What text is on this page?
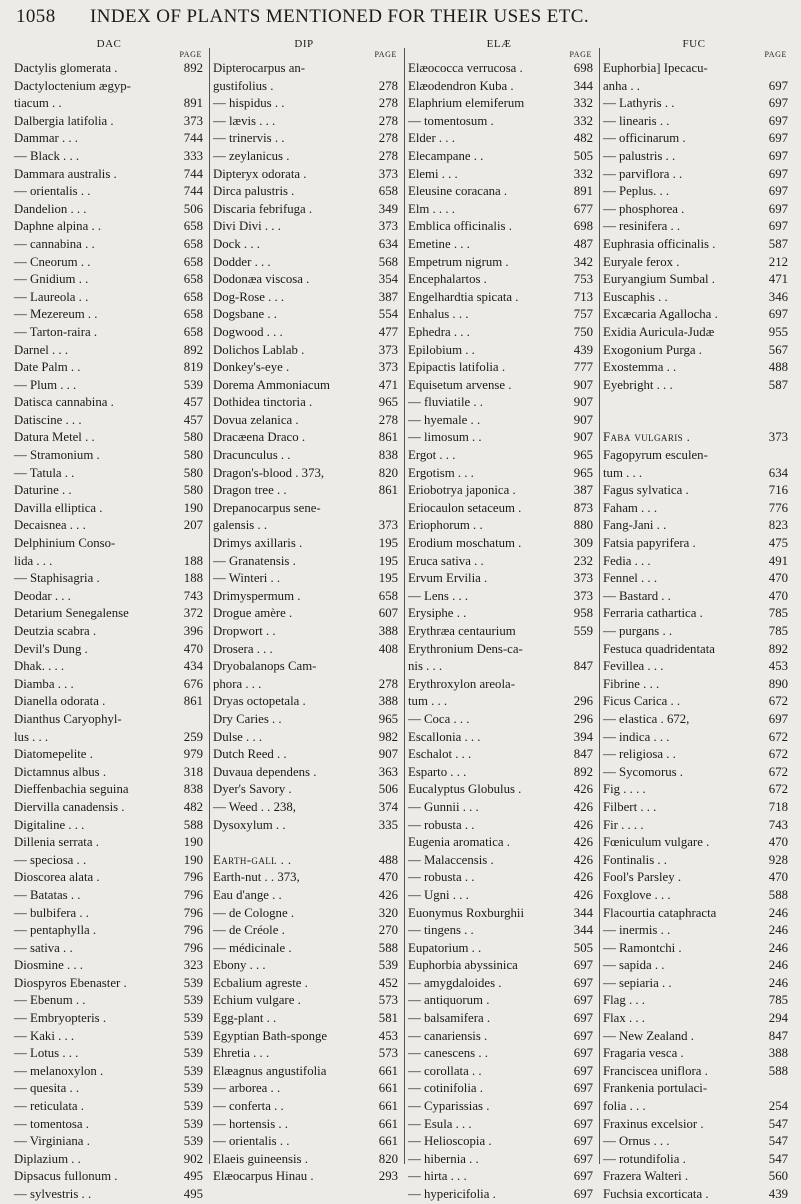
1058 INDEX OF PLANTS MENTIONED FOR THEIR USES ETC.
DAC
PAGE
Dactylis glomerata .	892
Dactyloctenium ægyp-
tiacum . .	891
Dalbergia latifolia .	373
Dammar . . .	744
— Black . . .	333
Dammara australis .	744
— orientalis . .	744
Dandelion . . .	506
Daphne alpina . .	658
— cannabina . .	658
— Cneorum . .	658
— Gnidium . .	658
— Laureola . .	658
— Mezereum . .	658
— Tarton-raira .	658
Darnel . . .	892
Date Palm . .	819
— Plum . . .	539
Datisca cannabina .	457
Datiscine . . .	457
Datura Metel . .	580
— Stramonium .	580
— Tatula . .	580
Daturine . .	580
Davilla elliptica .	190
Decaisnea . . .	207
Delphinium Conso-
lida . . .	188
— Staphisagria .	188
Deodar . . .	743
Detarium Senegalense	372
Deutzia scabra .	396
Devil's Dung .	470
Dhak. . . .	434
Diamba . . .	676
Dianella odorata .	861
Dianthus Caryophyl-
lus . . .	259
Diatomepelite .	979
Dictamnus albus .	318
Dieffenbachia seguina	838
Diervilla canadensis .	482
Digitaline . . .	588
Dillenia serrata .	190
— speciosa . .	190
Dioscorea alata .	796
— Batatas . .	796
— bulbifera . .	796
— pentaphylla .	796
— sativa . .	796
Diosmine . . .	323
Diospyros Ebenaster .	539
— Ebenum . .	539
— Embryopteris .	539
— Kaki . . .	539
— Lotus . . .	539
— melanoxylon .	539
— quesita . .	539
— reticulata .	539
— tomentosa .	539
— Virginiana .	539
Diplazium . .	902
Dipsacus fullonum .	495
— sylvestris . .	495
DIP
PAGE
Dipterocarpus an-
gustifolius .	278
— hispidus . .	278
— lævis . . .	278
— trinervis . .	278
— zeylanicus .	278
Dipteryx odorata .	373
Dirca palustris .	658
Discaria febrifuga .	349
Divi Divi . . .	373
Dock . . .	634
Dodder . . .	568
Dodonæa viscosa .	354
Dog-Rose . . .	387
Dogsbane . .	554
Dogwood . . .	477
Dolichos Lablab .	373
Donkey's-eye .	373
Dorema Ammoniacum	471
Dothidea tinctoria .	965
Dovua zelanica .	278
Dracæena Draco .	861
Dracunculus . .	838
Dragon's-blood . 373,	820
Dragon tree . .	861
Drepanocarpus sene-
galensis . .	373
Drimys axillaris .	195
— Granatensis .	195
— Winteri . .	195
Drimyspermum .	658
Drogue amère .	607
Dropwort . .	388
Drosera . . .	408
Dryobalanops Cam-
phora . . .	278
Dryas octopetala .	388
Dry Caries . .	965
Dulse . . .	982
Dutch Reed . .	907
Duvaua dependens .	363
Dyer's Savory .	506
— Weed . . 238,	374
Dysoxylum . .	335
Earth-gall . .	488
Earth-nut . . 373,	470
Eau d'ange . .	426
— de Cologne .	320
— de Créole .	270
— médicinale .	588
Ebony . . .	539
Ecbalium agreste .	452
Echium vulgare .	573
Egg-plant . .	581
Egyptian Bath-sponge	453
Ehretia . . .	573
Elæagnus angustifolia	661
— arborea . .	661
— conferta . .	661
— hortensis . .	661
— orientalis . .	661
Elaeis guineensis .	820
Elæocarpus Hinau .	293
ELÆ
PAGE
Elæococca verrucosa .	698
Elæodendron Kuba .	344
Elaphrium elemiferum	332
— tomentosum .	332
Elder . . .	482
Elecampane . .	505
Elemi . . .	332
Eleusine coracana .	891
Elm . . . .	677
Emblica officinalis .	698
Emetine . . .	487
Empetrum nigrum .	342
Encephalartos .	753
Engelhardtia spicata .	713
Enhalus . . .	757
Ephedra . . .	750
Epilobium . .	439
Epipactis latifolia .	777
Equisetum arvense .	907
— fluviatile . .	907
— hyemale . .	907
— limosum . .	907
Ergot . . .	965
Ergotism . . .	965
Eriobotrya japonica .	387
Eriocaulon setaceum .	873
Eriophorum . .	880
Erodium moschatum .	309
Eruca sativa . .	232
Ervum Ervilia .	373
— Lens . . .	373
Erysiphe . .	958
Erythræa centaurium	559
Erythronium Dens-ca-
nis . . .	847
Erythroxylon areola-
tum . . .	296
— Coca . . .	296
Escallonia . . .	394
Eschalot . . .	847
Esparto . . .	892
Eucalyptus Globulus .	426
— Gunnii . . .	426
— robusta . .	426
Eugenia aromatica .	426
— Malaccensis .	426
— robusta . .	426
— Ugni . . .	426
Euonymus Roxburghii	344
— tingens . .	344
Eupatorium . .	505
Euphorbia abyssinica	697
— amygdaloides .	697
— antiquorum .	697
— balsamifera .	697
— canariensis .	697
— canescens . .	697
— corollata . .	697
— cotinifolia .	697
— Cyparissias .	697
— Esula . . .	697
— Helioscopia .	697
— hibernia . .	697
— hirta . . .	697
— hypericifolia .	697
FUC
PAGE
Euphorbia] Ipecacu-
anha . .	697
— Lathyris . .	697
— linearis . .	697
— officinarum .	697
— palustris . .	697
— parviflora . .	697
— Peplus. . .	697
— phosphorea .	697
— resinifera . .	697
Euphrasia officinalis .	587
Euryale ferox .	212
Euryangium Sumbal .	471
Euscaphis . .	346
Excæcaria Agallocha .	697
Exidia Auricula-Judæ	955
Exogonium Purga .	567
Exostemma . .	488
Eyebright . . .	587
Faba vulgaris .	373
Fagopyrum esculen-
tum . . .	634
Fagus sylvatica .	716
Faham . . .	776
Fang-Jani . .	823
Fatsia papyrifera .	475
Fedia . . .	491
Fennel . . .	470
— Bastard . .	470
Ferraria cathartica .	785
— purgans . .	785
Festuca quadridentata	892
Fevillea . . .	453
Fibrine . . .	890
Ficus Carica . .	672
— elastica . 672,	697
— indica . . .	672
— religiosa . .	672
— Sycomorus .	672
Fig . . . .	672
Filbert . . .	718
Fir . . . .	743
Fœniculum vulgare .	470
Fontinalis . .	928
Fool's Parsley .	470
Foxglove . . .	588
Flacourtia cataphracta	246
— inermis . .	246
— Ramontchi .	246
— sapida . .	246
— sepiaria . .	246
Flag . . .	785
Flax . . .	294
— New Zealand .	847
Fragaria vesca .	388
Franciscea uniflora .	588
Frankenia portulaci-
folia . . .	254
Fraxinus excelsior .	547
— Ornus . . .	547
— rotundifolia .	547
Frazera Walteri .	560
Fuchsia excorticata .	439
